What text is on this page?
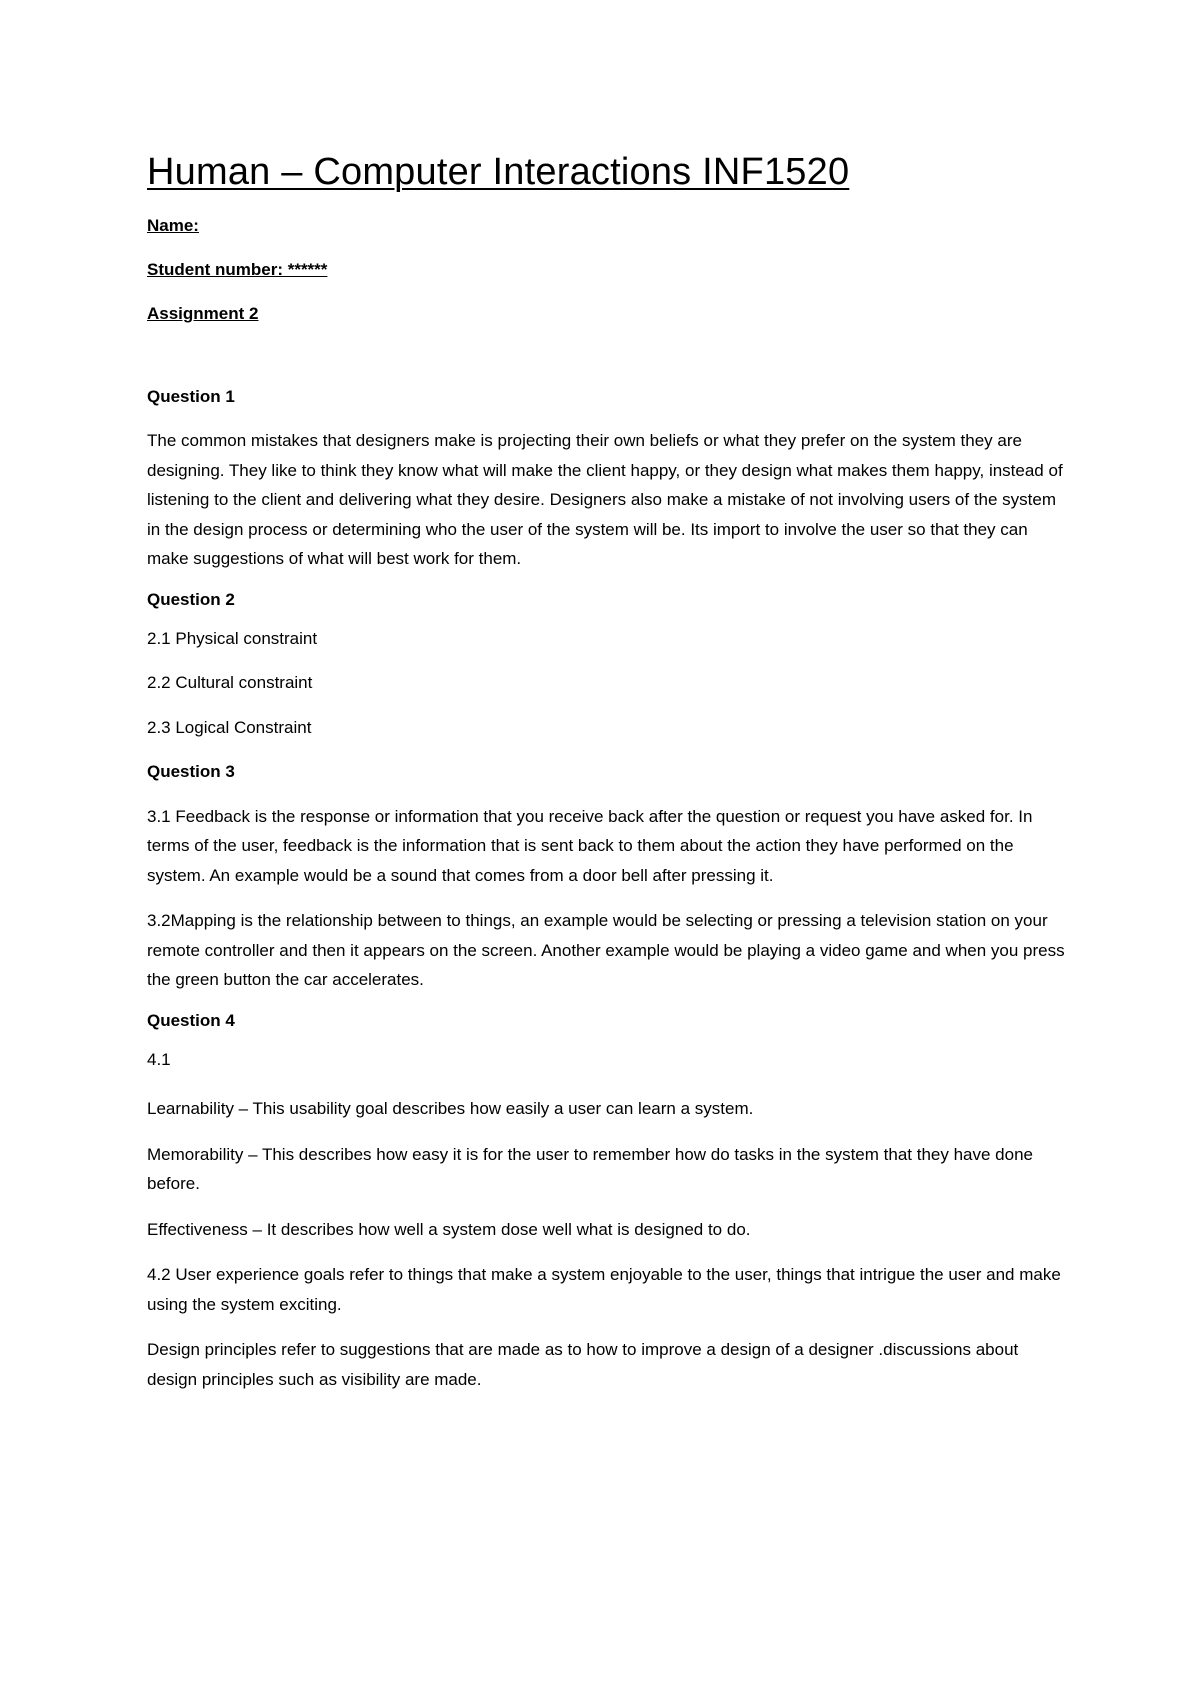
Human – Computer Interactions INF1520

Name:

Student number: ******

Assignment 2

Question 1

The common mistakes that designers make is projecting their own beliefs or what they prefer on the system they are designing. They like to think they know what will make the client happy, or they design what makes them happy, instead of listening to the client and delivering what they desire. Designers also make a mistake of not involving users of the system in the design process or determining who the user of the system will be. Its import to involve the user so that they can make suggestions of what will best work for them.

Question 2

2.1 Physical constraint

2.2 Cultural constraint

2.3 Logical Constraint

Question 3

3.1 Feedback is the response or information that you receive back after the question or request you have asked for. In terms of the user, feedback is the information that is sent back to them about the action they have performed on the system. An example would be a sound that comes from a door bell after pressing it.

3.2Mapping is the relationship between to things, an example would be selecting or pressing a television station on your remote controller and then it appears on the screen. Another example would be playing a video game and when you press the green button the car accelerates.

Question 4

4.1

Learnability – This usability goal describes how easily a user can learn a system.

Memorability – This describes how easy it is for the user to remember how do tasks in the system that they have done before.

Effectiveness – It describes how well a system dose well what is designed to do.

4.2 User experience goals refer to things that make a system enjoyable to the user, things that intrigue the user and make using the system exciting.

Design principles refer to suggestions that are made as to how to improve a design of a designer .discussions about design principles such as visibility are made.
